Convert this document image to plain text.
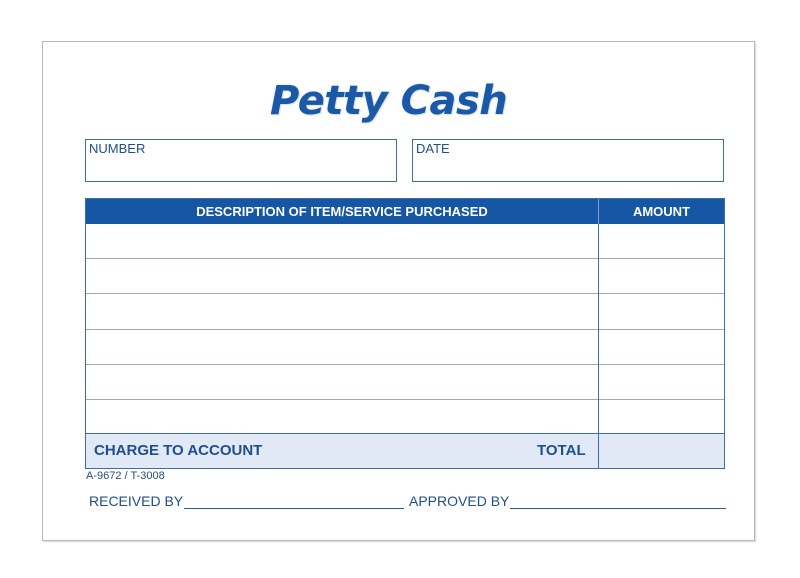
Petty Cash
NUMBER	DATE
DESCRIPTION OF ITEM/SERVICE PURCHASED	AMOUNT
CHARGE TO ACCOUNT	TOTAL
A-9672 / T-3008
RECEIVED BY	APPROVED BY
